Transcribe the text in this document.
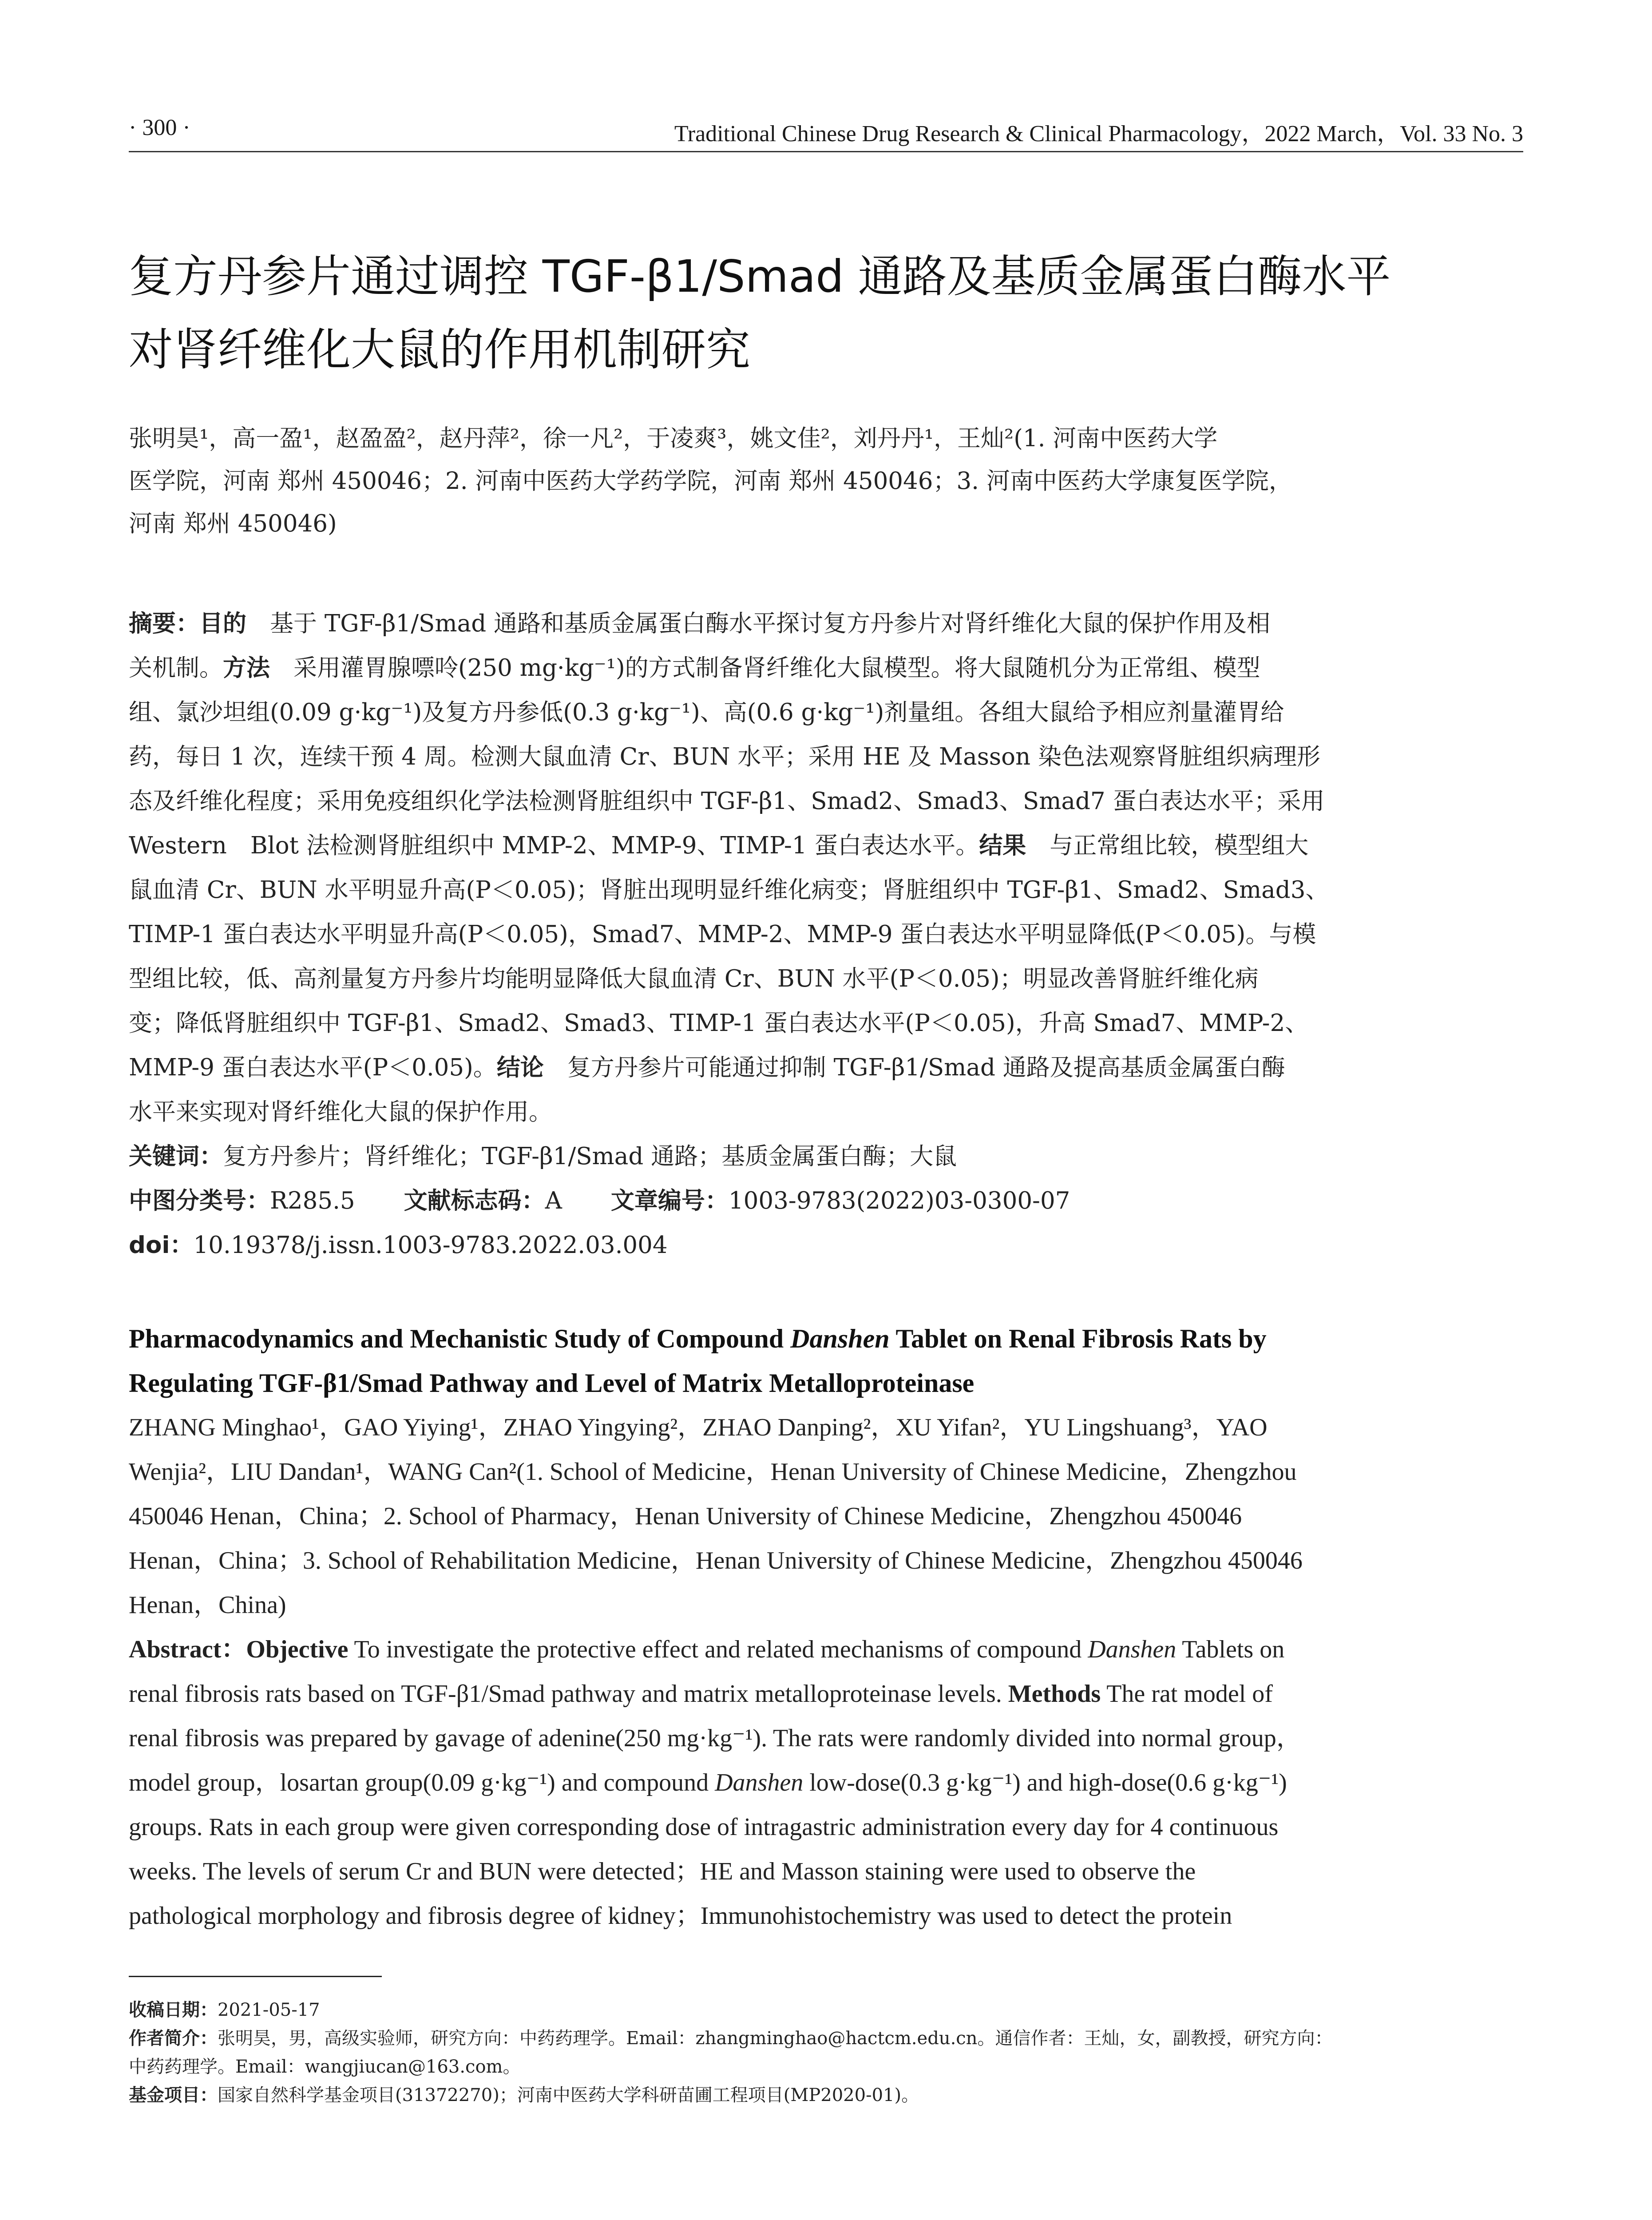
· 300 ·	Traditional Chinese Drug Research & Clinical Pharmacology，2022 March，Vol. 33 No. 3
复方丹参片通过调控 TGF-β1/Smad 通路及基质金属蛋白酶水平
对肾纤维化大鼠的作用机制研究
张明昊¹，高一盈¹，赵盈盈²，赵丹萍²，徐一凡²，于凌爽³，姚文佳²，刘丹丹¹，王灿²(1. 河南中医药大学
医学院，河南 郑州 450046；2. 河南中医药大学药学院，河南 郑州 450046；3. 河南中医药大学康复医学院，
河南 郑州 450046)
摘要：目的　基于 TGF-β1/Smad 通路和基质金属蛋白酶水平探讨复方丹参片对肾纤维化大鼠的保护作用及相
关机制。方法　采用灌胃腺嘌呤(250 mg·kg⁻¹)的方式制备肾纤维化大鼠模型。将大鼠随机分为正常组、模型
组、氯沙坦组(0.09 g·kg⁻¹)及复方丹参低(0.3 g·kg⁻¹)、高(0.6 g·kg⁻¹)剂量组。各组大鼠给予相应剂量灌胃给
药，每日 1 次，连续干预 4 周。检测大鼠血清 Cr、BUN 水平；采用 HE 及 Masson 染色法观察肾脏组织病理形
态及纤维化程度；采用免疫组织化学法检测肾脏组织中 TGF-β1、Smad2、Smad3、Smad7 蛋白表达水平；采用
Western　Blot 法检测肾脏组织中 MMP-2、MMP-9、TIMP-1 蛋白表达水平。结果　与正常组比较，模型组大
鼠血清 Cr、BUN 水平明显升高(P＜0.05)；肾脏出现明显纤维化病变；肾脏组织中 TGF-β1、Smad2、Smad3、
TIMP-1 蛋白表达水平明显升高(P＜0.05)，Smad7、MMP-2、MMP-9 蛋白表达水平明显降低(P＜0.05)。与模
型组比较，低、高剂量复方丹参片均能明显降低大鼠血清 Cr、BUN 水平(P＜0.05)；明显改善肾脏纤维化病
变；降低肾脏组织中 TGF-β1、Smad2、Smad3、TIMP-1 蛋白表达水平(P＜0.05)，升高 Smad7、MMP-2、
MMP-9 蛋白表达水平(P＜0.05)。结论　复方丹参片可能通过抑制 TGF-β1/Smad 通路及提高基质金属蛋白酶
水平来实现对肾纤维化大鼠的保护作用。
关键词：复方丹参片；肾纤维化；TGF-β1/Smad 通路；基质金属蛋白酶；大鼠
中图分类号：R285.5 文献标志码：A 文章编号：1003-9783(2022)03-0300-07
doi：10.19378/j.issn.1003-9783.2022.03.004
Pharmacodynamics and Mechanistic Study of Compound Danshen Tablet on Renal Fibrosis Rats by
Regulating TGF-β1/Smad Pathway and Level of Matrix Metalloproteinase
ZHANG Minghao¹，GAO Yiying¹，ZHAO Yingying²，ZHAO Danping²，XU Yifan²，YU Lingshuang³，YAO
Wenjia²，LIU Dandan¹，WANG Can²(1. School of Medicine，Henan University of Chinese Medicine，Zhengzhou
450046 Henan，China；2. School of Pharmacy，Henan University of Chinese Medicine，Zhengzhou 450046
Henan，China；3. School of Rehabilitation Medicine，Henan University of Chinese Medicine，Zhengzhou 450046
Henan，China)
Abstract：Objective To investigate the protective effect and related mechanisms of compound Danshen Tablets on
renal fibrosis rats based on TGF-β1/Smad pathway and matrix metalloproteinase levels. Methods The rat model of
renal fibrosis was prepared by gavage of adenine(250 mg·kg⁻¹). The rats were randomly divided into normal group，
model group，losartan group(0.09 g·kg⁻¹) and compound Danshen low-dose(0.3 g·kg⁻¹) and high-dose(0.6 g·kg⁻¹)
groups. Rats in each group were given corresponding dose of intragastric administration every day for 4 continuous
weeks. The levels of serum Cr and BUN were detected；HE and Masson staining were used to observe the
pathological morphology and fibrosis degree of kidney；Immunohistochemistry was used to detect the protein
收稿日期：2021-05-17
作者简介：张明昊，男，高级实验师，研究方向：中药药理学。Email：zhangminghao@hactcm.edu.cn。通信作者：王灿，女，副教授，研究方向：
中药药理学。Email：wangjiucan@163.com。
基金项目：国家自然科学基金项目(31372270)；河南中医药大学科研苗圃工程项目(MP2020-01)。
